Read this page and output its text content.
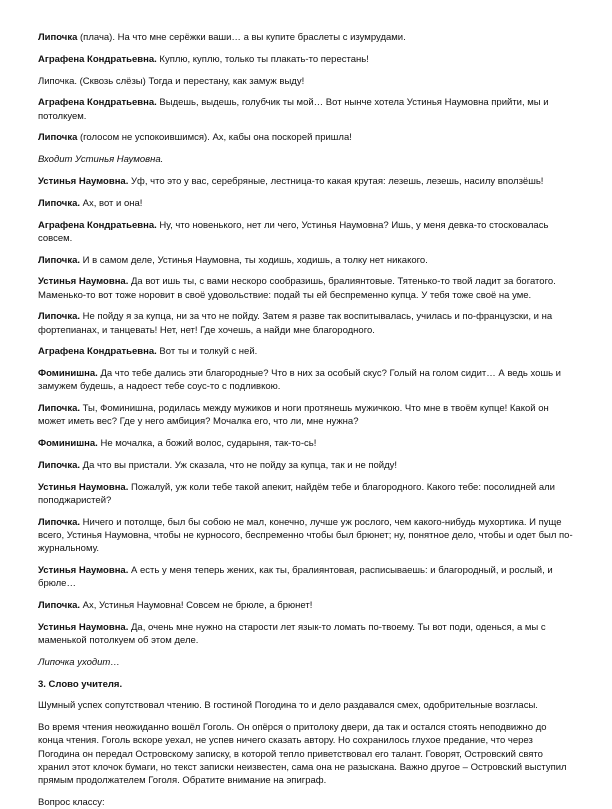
Липочка (плача). На что мне серёжки ваши… а вы купите браслеты с изумрудами.

Аграфена Кондратьевна. Куплю, куплю, только ты плакать-то перестань!

Липочка. (Сквозь слёзы) Тогда и перестану, как замуж выду!

Аграфена Кондратьевна. Выдешь, выдешь, голубчик ты мой… Вот нынче хотела Устинья Наумовна прийти, мы и потолкуем.

Липочка (голосом не успокоившимся). Ах, кабы она поскорей пришла!

Входит Устинья Наумовна.

Устинья Наумовна. Уф, что это у вас, серебряные, лестница-то какая крутая: лезешь, лезешь, насилу вползёшь!

Липочка. Ах, вот и она!

Аграфена Кондратьевна. Ну, что новенького, нет ли чего, Устинья Наумовна? Ишь, у меня девка-то стосковалась совсем.

Липочка. И в самом деле, Устинья Наумовна, ты ходишь, ходишь, а толку нет никакого.

Устинья Наумовна. Да вот ишь ты, с вами нескоро сообразишь, бралиянтовые. Тятенько-то твой ладит за богатого. Маменько-то вот тоже норовит в своё удовольствие: подай ты ей беспременно купца. У тебя тоже своё на уме.

Липочка. Не пойду я за купца, ни за что не пойду. Затем я разве так воспитывалась, училась и по-французски, и на фортепианах, и танцевать! Нет, нет! Где хочешь, а найди мне благородного.

Аграфена Кондратьевна. Вот ты и толкуй с ней.

Фоминишна. Да что тебе дались эти благородные? Что в них за особый скус? Голый на голом сидит… А ведь хошь и замужем будешь, а надоест тебе соус-то с подливкою.

Липочка. Ты, Фоминишна, родилась между мужиков и ноги протянешь мужичкою. Что мне в твоём купце! Какой он может иметь вес? Где у него амбиция? Мочалка его, что ли, мне нужна?

Фоминишна. Не мочалка, а божий волос, сударыня, так-то-сь!

Липочка. Да что вы пристали. Уж сказала, что не пойду за купца, так и не пойду!

Устинья Наумовна. Пожалуй, уж коли тебе такой апекит, найдём тебе и благородного. Какого тебе: посолидней али поподжаристей?

Липочка. Ничего и потолще, был бы собою не мал, конечно, лучше уж рослого, чем какого-нибудь мухортика. И пуще всего, Устинья Наумовна, чтобы не курносого, беспременно чтобы был брюнет; ну, понятное дело, чтобы и одет был по-журнальному.

Устинья Наумовна. А есть у меня теперь жених, как ты, бралиянтовая, расписываешь: и благородный, и рослый, и брюле…

Липочка. Ах, Устинья Наумовна! Совсем не брюле, а брюнет!

Устинья Наумовна. Да, очень мне нужно на старости лет язык-то ломать по-твоему. Ты вот поди, оденься, а мы с маменькой потолкуем об этом деле.

Липочка уходит…

3. Слово учителя.

Шумный успех сопутствовал чтению. В гостиной Погодина то и дело раздавался смех, одобрительные возгласы.

Во время чтения неожиданно вошёл Гоголь. Он опёрся о притолоку двери, да так и остался стоять неподвижно до конца чтения. Гоголь вскоре уехал, не успев ничего сказать автору. Но сохранилось глухое предание, что через Погодина он передал Островскому записку, в которой тепло приветствовал его талант. Говорят, Островский свято хранил этот клочок бумаги, но текст записки неизвестен, сама она не разыскана. Важно другое – Островский выступил прямым продолжателем Гоголя. Обратите внимание на эпиграф.

Вопрос классу:
